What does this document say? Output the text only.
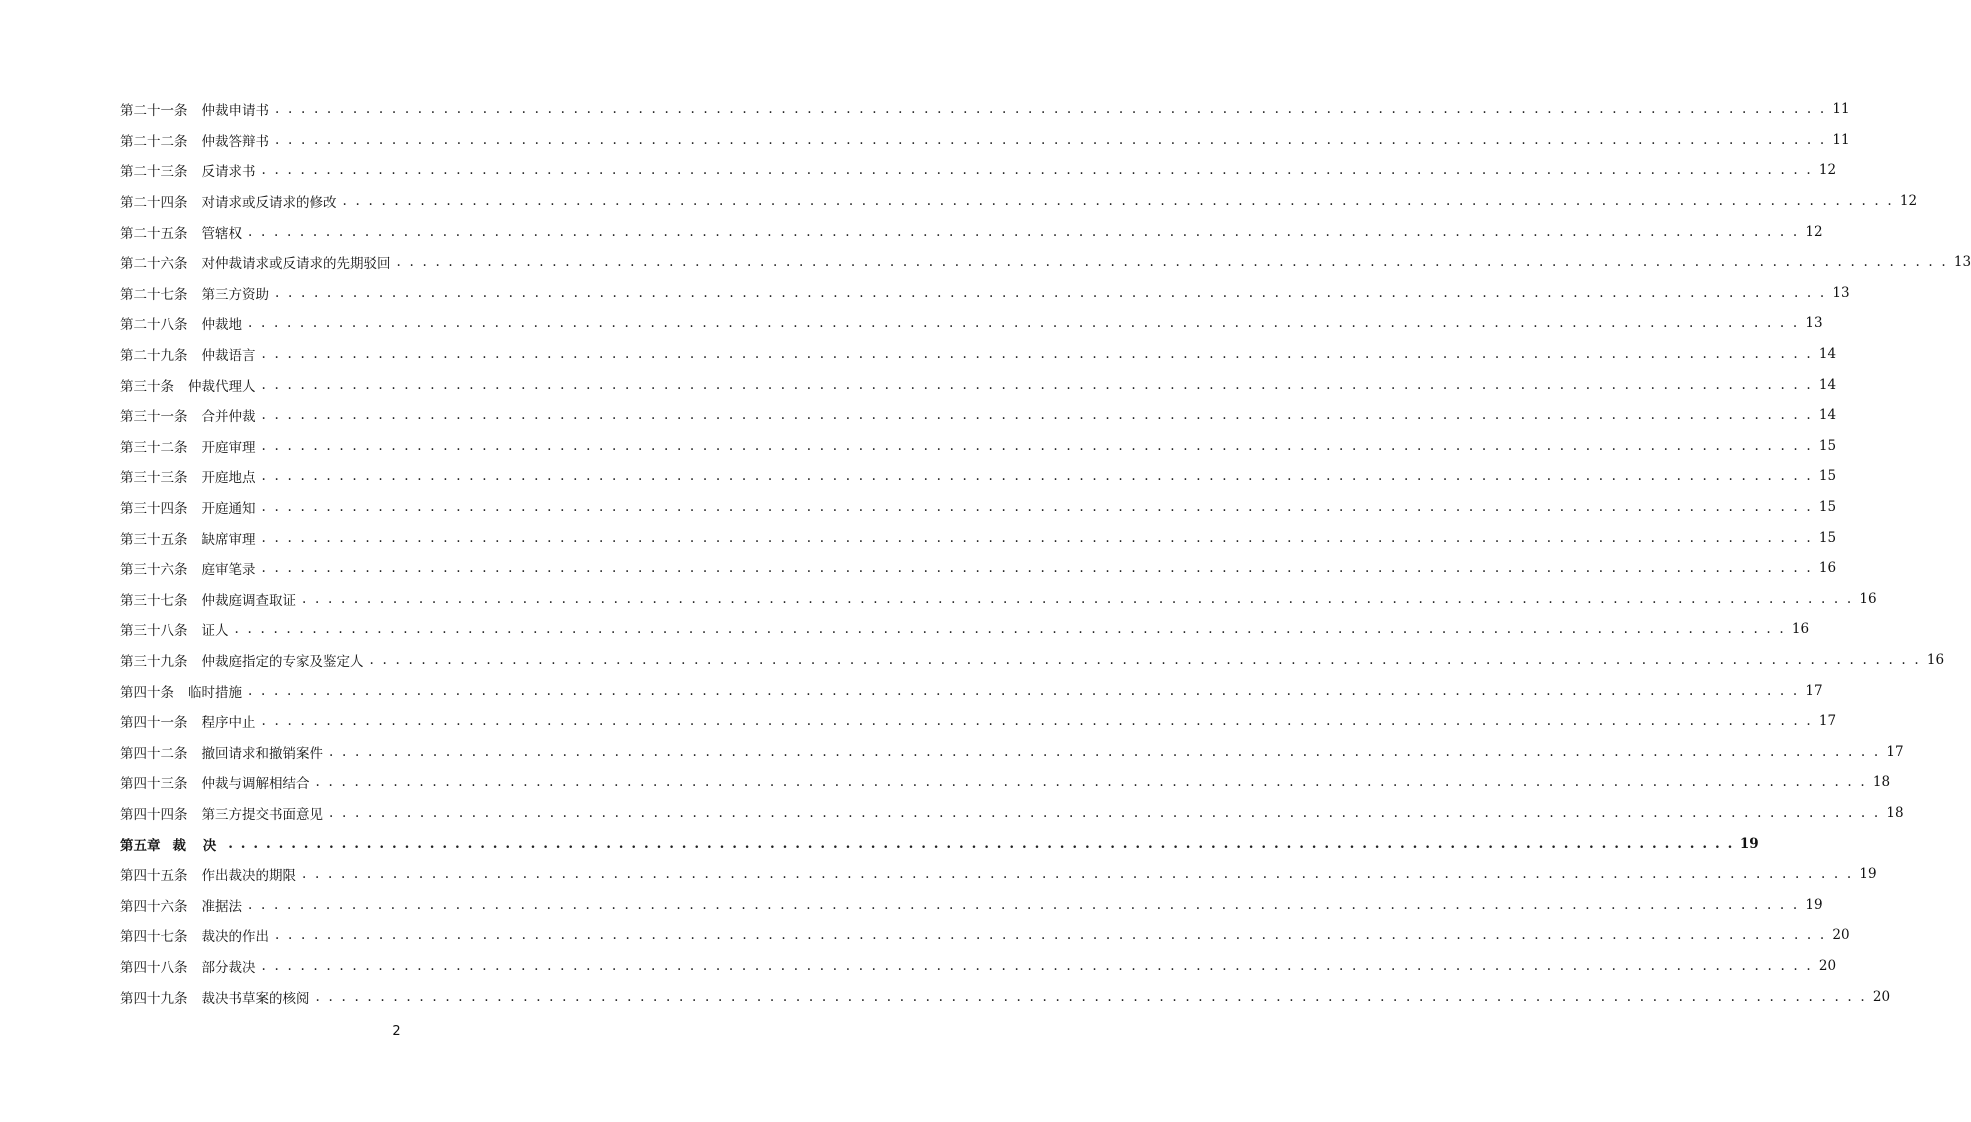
第二十一条 仲裁申请书 . . . . . . . . . . . . . . . . . . . . . . . . . . . . . . . . . . . . . . . . . . . . . . . . . . . . . . . . . . . . . . . . . . . . . . . . . . . . . . . . . . . . . . . . . . . . . . . . . . . . . . . . . . . . . . . . . . . . . . . . 11
第二十二条 仲裁答辩书 . . . . . . . . . . . . . . . . . . . . . . . . . . . . . . . . . . . . . . . . . . . . . . . . . . . . . . . . . . . . . . . . . . . . . . . . . . . . . . . . . . . . . . . . . . . . . . . . . . . . . . . . . . . . . . . . . . . . . . . . 11
第二十三条 反请求书 . . . . . . . . . . . . . . . . . . . . . . . . . . . . . . . . . . . . . . . . . . . . . . . . . . . . . . . . . . . . . . . . . . . . . . . . . . . . . . . . . . . . . . . . . . . . . . . . . . . . . . . . . . . . . . . . . . . . . . . . 12
第二十四条 对请求或反请求的修改 . . . . . . . . . . . . . . . . . . . . . . . . . . . . . . . . . . . . . . . . . . . . . . . . . . . . . . . . . . . . . . . . . . . . . . . . . . . . . . . . . . . . . . . . . . . . . . . . . . . . . . . . . . . . . . . . . . . . . . . . 12
第二十五条 管辖权 . . . . . . . . . . . . . . . . . . . . . . . . . . . . . . . . . . . . . . . . . . . . . . . . . . . . . . . . . . . . . . . . . . . . . . . . . . . . . . . . . . . . . . . . . . . . . . . . . . . . . . . . . . . . . . . . . . . . . . . . 12
第二十六条 对仲裁请求或反请求的先期驳回 . . . . . . . . . . . . . . . . . . . . . . . . . . . . . . . . . . . . . . . . . . . . . . . . . . . . . . . . . . . . . . . . . . . . . . . . . . . . . . . . . . . . . . . . . . . . . . . . . . . . . . . . . . . . . . . . . . . . . . . . 13
第二十七条 第三方资助 . . . . . . . . . . . . . . . . . . . . . . . . . . . . . . . . . . . . . . . . . . . . . . . . . . . . . . . . . . . . . . . . . . . . . . . . . . . . . . . . . . . . . . . . . . . . . . . . . . . . . . . . . . . . . . . . . . . . . . . . 13
第二十八条 仲裁地 . . . . . . . . . . . . . . . . . . . . . . . . . . . . . . . . . . . . . . . . . . . . . . . . . . . . . . . . . . . . . . . . . . . . . . . . . . . . . . . . . . . . . . . . . . . . . . . . . . . . . . . . . . . . . . . . . . . . . . . . 13
第二十九条 仲裁语言 . . . . . . . . . . . . . . . . . . . . . . . . . . . . . . . . . . . . . . . . . . . . . . . . . . . . . . . . . . . . . . . . . . . . . . . . . . . . . . . . . . . . . . . . . . . . . . . . . . . . . . . . . . . . . . . . . . . . . . . . 14
第三十条 仲裁代理人 . . . . . . . . . . . . . . . . . . . . . . . . . . . . . . . . . . . . . . . . . . . . . . . . . . . . . . . . . . . . . . . . . . . . . . . . . . . . . . . . . . . . . . . . . . . . . . . . . . . . . . . . . . . . . . . . . . . . . . . . 14
第三十一条 合并仲裁 . . . . . . . . . . . . . . . . . . . . . . . . . . . . . . . . . . . . . . . . . . . . . . . . . . . . . . . . . . . . . . . . . . . . . . . . . . . . . . . . . . . . . . . . . . . . . . . . . . . . . . . . . . . . . . . . . . . . . . . . 14
第三十二条 开庭审理 . . . . . . . . . . . . . . . . . . . . . . . . . . . . . . . . . . . . . . . . . . . . . . . . . . . . . . . . . . . . . . . . . . . . . . . . . . . . . . . . . . . . . . . . . . . . . . . . . . . . . . . . . . . . . . . . . . . . . . . . 15
第三十三条 开庭地点 . . . . . . . . . . . . . . . . . . . . . . . . . . . . . . . . . . . . . . . . . . . . . . . . . . . . . . . . . . . . . . . . . . . . . . . . . . . . . . . . . . . . . . . . . . . . . . . . . . . . . . . . . . . . . . . . . . . . . . . . 15
第三十四条 开庭通知 . . . . . . . . . . . . . . . . . . . . . . . . . . . . . . . . . . . . . . . . . . . . . . . . . . . . . . . . . . . . . . . . . . . . . . . . . . . . . . . . . . . . . . . . . . . . . . . . . . . . . . . . . . . . . . . . . . . . . . . . 15
第三十五条 缺席审理 . . . . . . . . . . . . . . . . . . . . . . . . . . . . . . . . . . . . . . . . . . . . . . . . . . . . . . . . . . . . . . . . . . . . . . . . . . . . . . . . . . . . . . . . . . . . . . . . . . . . . . . . . . . . . . . . . . . . . . . . 15
第三十六条 庭审笔录 . . . . . . . . . . . . . . . . . . . . . . . . . . . . . . . . . . . . . . . . . . . . . . . . . . . . . . . . . . . . . . . . . . . . . . . . . . . . . . . . . . . . . . . . . . . . . . . . . . . . . . . . . . . . . . . . . . . . . . . . 16
第三十七条 仲裁庭调查取证 . . . . . . . . . . . . . . . . . . . . . . . . . . . . . . . . . . . . . . . . . . . . . . . . . . . . . . . . . . . . . . . . . . . . . . . . . . . . . . . . . . . . . . . . . . . . . . . . . . . . . . . . . . . . . . . . . . . . . . . . 16
第三十八条 证人 . . . . . . . . . . . . . . . . . . . . . . . . . . . . . . . . . . . . . . . . . . . . . . . . . . . . . . . . . . . . . . . . . . . . . . . . . . . . . . . . . . . . . . . . . . . . . . . . . . . . . . . . . . . . . . . . . . . . . . . . 16
第三十九条 仲裁庭指定的专家及鉴定人 . . . . . . . . . . . . . . . . . . . . . . . . . . . . . . . . . . . . . . . . . . . . . . . . . . . . . . . . . . . . . . . . . . . . . . . . . . . . . . . . . . . . . . . . . . . . . . . . . . . . . . . . . . . . . . . . . . . . . . . . 16
第四十条 临时措施 . . . . . . . . . . . . . . . . . . . . . . . . . . . . . . . . . . . . . . . . . . . . . . . . . . . . . . . . . . . . . . . . . . . . . . . . . . . . . . . . . . . . . . . . . . . . . . . . . . . . . . . . . . . . . . . . . . . . . . . . 17
第四十一条 程序中止 . . . . . . . . . . . . . . . . . . . . . . . . . . . . . . . . . . . . . . . . . . . . . . . . . . . . . . . . . . . . . . . . . . . . . . . . . . . . . . . . . . . . . . . . . . . . . . . . . . . . . . . . . . . . . . . . . . . . . . . . 17
第四十二条 撤回请求和撤销案件 . . . . . . . . . . . . . . . . . . . . . . . . . . . . . . . . . . . . . . . . . . . . . . . . . . . . . . . . . . . . . . . . . . . . . . . . . . . . . . . . . . . . . . . . . . . . . . . . . . . . . . . . . . . . . . . . . . . . . . . . 17
第四十三条 仲裁与调解相结合 . . . . . . . . . . . . . . . . . . . . . . . . . . . . . . . . . . . . . . . . . . . . . . . . . . . . . . . . . . . . . . . . . . . . . . . . . . . . . . . . . . . . . . . . . . . . . . . . . . . . . . . . . . . . . . . . . . . . . . . . 18
第四十四条 第三方提交书面意见 . . . . . . . . . . . . . . . . . . . . . . . . . . . . . . . . . . . . . . . . . . . . . . . . . . . . . . . . . . . . . . . . . . . . . . . . . . . . . . . . . . . . . . . . . . . . . . . . . . . . . . . . . . . . . . . . . . . . . . . . 18
第五章 裁 决 . . . . . . . . . . . . . . . . . . . . . . . . . . . . . . . . . . . . . . . . . . . . . . . . . . . . . . . . . . . . . . . . . . . . . . . . . . . . . . . . . . . . . . . . . . . . . . . . . . . . . . . . . . . . . . . . . . . . . . . . 19
第四十五条 作出裁决的期限 . . . . . . . . . . . . . . . . . . . . . . . . . . . . . . . . . . . . . . . . . . . . . . . . . . . . . . . . . . . . . . . . . . . . . . . . . . . . . . . . . . . . . . . . . . . . . . . . . . . . . . . . . . . . . . . . . . . . . . . . 19
第四十六条 准据法 . . . . . . . . . . . . . . . . . . . . . . . . . . . . . . . . . . . . . . . . . . . . . . . . . . . . . . . . . . . . . . . . . . . . . . . . . . . . . . . . . . . . . . . . . . . . . . . . . . . . . . . . . . . . . . . . . . . . . . . . 19
第四十七条 裁决的作出 . . . . . . . . . . . . . . . . . . . . . . . . . . . . . . . . . . . . . . . . . . . . . . . . . . . . . . . . . . . . . . . . . . . . . . . . . . . . . . . . . . . . . . . . . . . . . . . . . . . . . . . . . . . . . . . . . . . . . . . . 20
第四十八条 部分裁决 . . . . . . . . . . . . . . . . . . . . . . . . . . . . . . . . . . . . . . . . . . . . . . . . . . . . . . . . . . . . . . . . . . . . . . . . . . . . . . . . . . . . . . . . . . . . . . . . . . . . . . . . . . . . . . . . . . . . . . . . 20
第四十九条 裁决书草案的核阅 . . . . . . . . . . . . . . . . . . . . . . . . . . . . . . . . . . . . . . . . . . . . . . . . . . . . . . . . . . . . . . . . . . . . . . . . . . . . . . . . . . . . . . . . . . . . . . . . . . . . . . . . . . . . . . . . . . . . . . . . 20
2
